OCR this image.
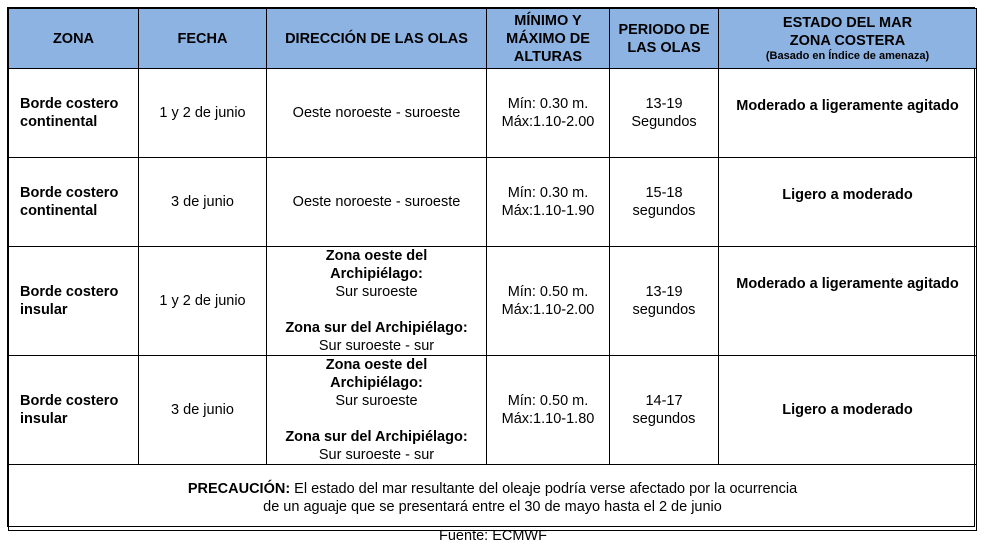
ZONA	FECHA	DIRECCIÓN DE LAS OLAS	MÍNIMO Y
MÁXIMO DE
ALTURAS	PERIODO DE
LAS OLAS	ESTADO DEL MAR
ZONA COSTERA
(Basado en Índice de amenaza)

Borde costero
continental	1 y 2 de junio	Oeste noroeste - suroeste	Mín: 0.30 m.
Máx:1.10-2.00	13-19
Segundos	Moderado a ligeramente agitado

Borde costero
continental	3 de junio	Oeste noroeste - suroeste	Mín: 0.30 m.
Máx:1.10-1.90	15-18
segundos	Ligero a moderado

Borde costero
insular	1 y 2 de junio	Zona oeste del
Archipiélago:
Sur suroeste
Zona sur del Archipiélago:
Sur suroeste - sur	Mín: 0.50 m.
Máx:1.10-2.00	13-19
segundos	Moderado a ligeramente agitado

Borde costero
insular	3 de junio	Zona oeste del
Archipiélago:
Sur suroeste
Zona sur del Archipiélago:
Sur suroeste - sur	Mín: 0.50 m.
Máx:1.10-1.80	14-17
segundos	Ligero a moderado

PRECAUCIÓN: El estado del mar resultante del oleaje podría verse afectado por la ocurrencia
de un aguaje que se presentará entre el 30 de mayo hasta el 2 de junio					
Fuente: ECMWF
